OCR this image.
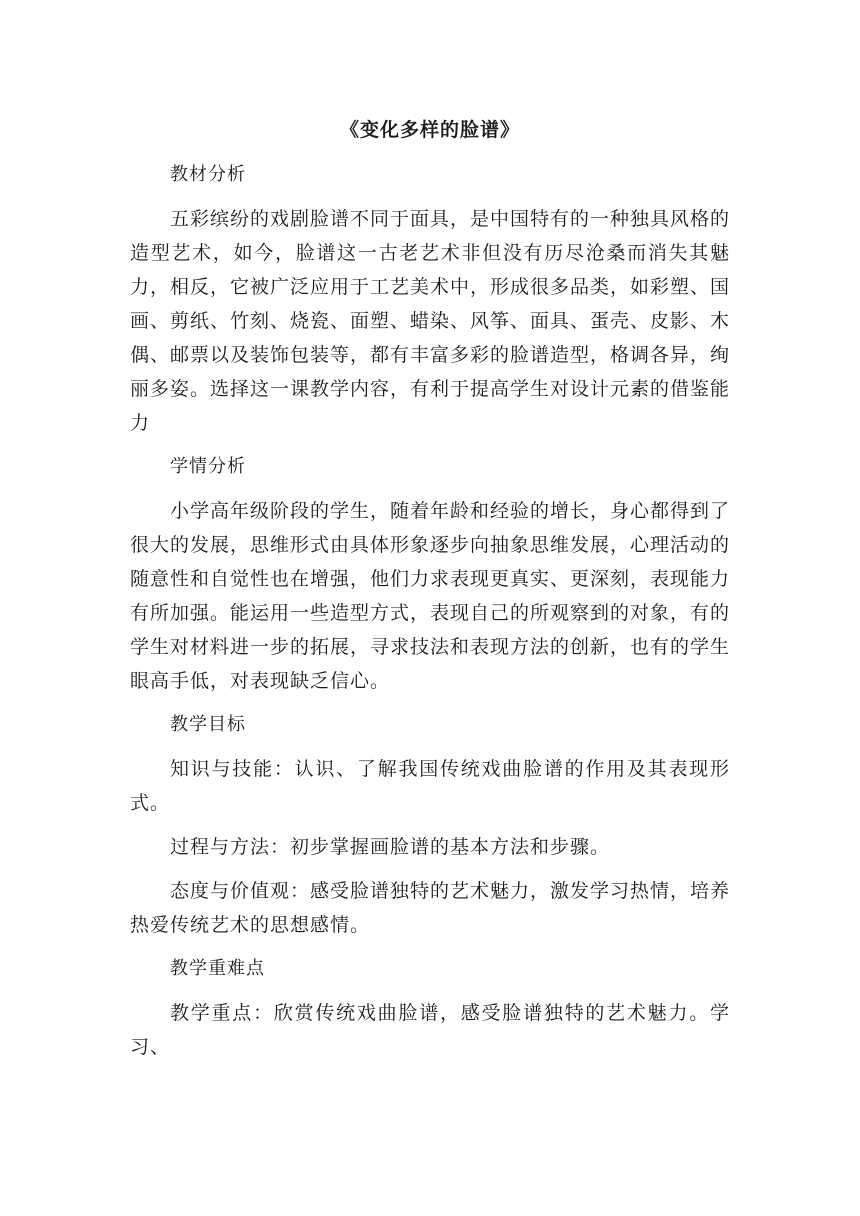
《变化多样的脸谱》
教材分析
五彩缤纷的戏剧脸谱不同于面具，是中国特有的一种独具风格的造型艺术，如今，脸谱这一古老艺术非但没有历尽沧桑而消失其魅力，相反，它被广泛应用于工艺美术中，形成很多品类，如彩塑、国画、剪纸、竹刻、烧瓷、面塑、蜡染、风筝、面具、蛋壳、皮影、木偶、邮票以及装饰包装等，都有丰富多彩的脸谱造型，格调各异，绚丽多姿。选择这一课教学内容，有利于提高学生对设计元素的借鉴能力
学情分析
小学高年级阶段的学生，随着年龄和经验的增长，身心都得到了很大的发展，思维形式由具体形象逐步向抽象思维发展，心理活动的随意性和自觉性也在增强，他们力求表现更真实、更深刻，表现能力有所加强。能运用一些造型方式，表现自己的所观察到的对象，有的学生对材料进一步的拓展，寻求技法和表现方法的创新，也有的学生眼高手低，对表现缺乏信心。
教学目标
知识与技能：认识、了解我国传统戏曲脸谱的作用及其表现形式。
过程与方法：初步掌握画脸谱的基本方法和步骤。
态度与价值观：感受脸谱独特的艺术魅力，激发学习热情，培养热爱传统艺术的思想感情。
教学重难点
教学重点：欣赏传统戏曲脸谱，感受脸谱独特的艺术魅力。学习、
